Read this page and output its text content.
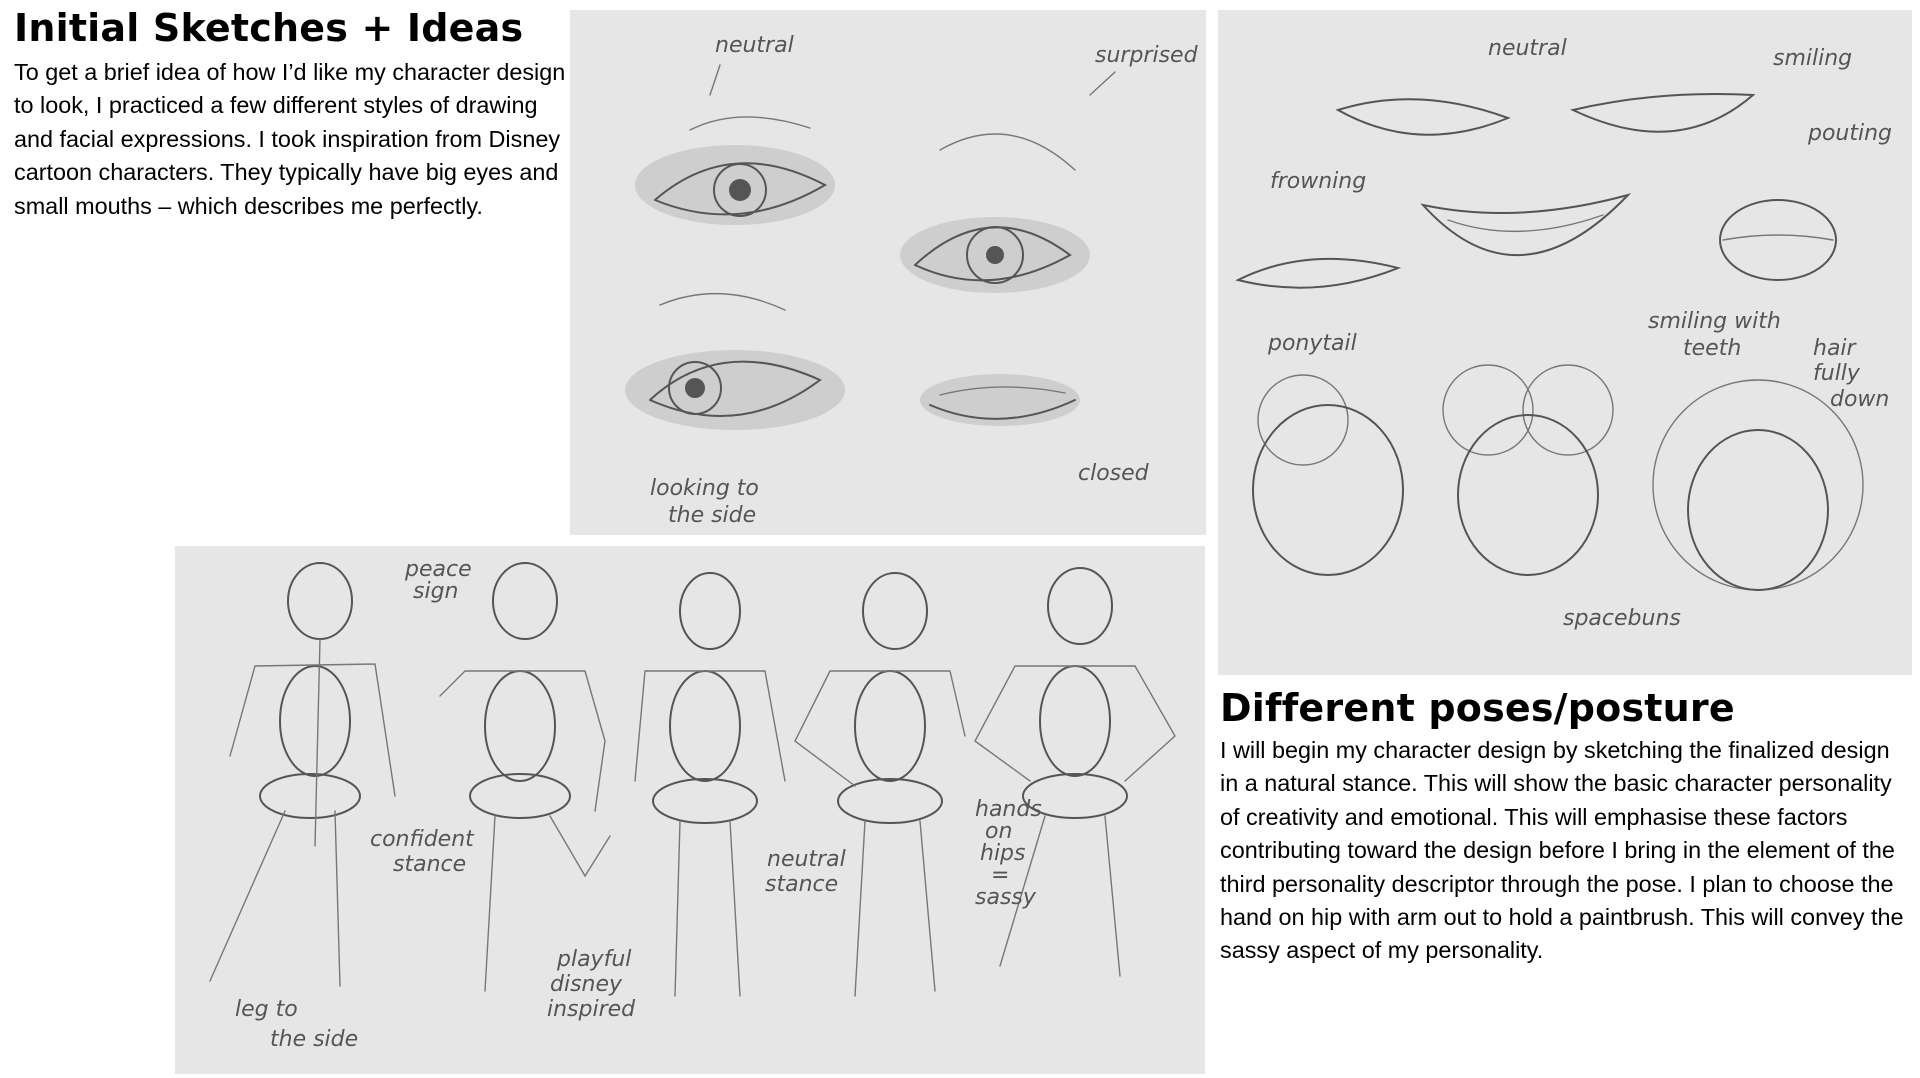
Initial Sketches + Ideas

To get a brief idea of how I’d like my character design to look, I practiced a few different styles of drawing and facial expressions. I took inspiration from Disney cartoon characters. They typically have big eyes and small mouths – which describes me perfectly.

neutral	surprised
looking to
the side
closed
neutral	smiling
frowning
pouting
smiling with
teeth
ponytail	hair
fully
down
spacebuns
peace
sign
confident
stance	neutral
stance
hands
on
hips
=
sassy
playful
disney
inspired
leg to
the side
Different poses/posture

I will begin my character design by sketching the finalized design in a natural stance. This will show the basic character personality of creativity and emotional. This will emphasise these factors contributing toward the design before I bring in the element of the third personality descriptor through the pose. I plan to choose the hand on hip with arm out to hold a paintbrush. This will convey the sassy aspect of my personality.
